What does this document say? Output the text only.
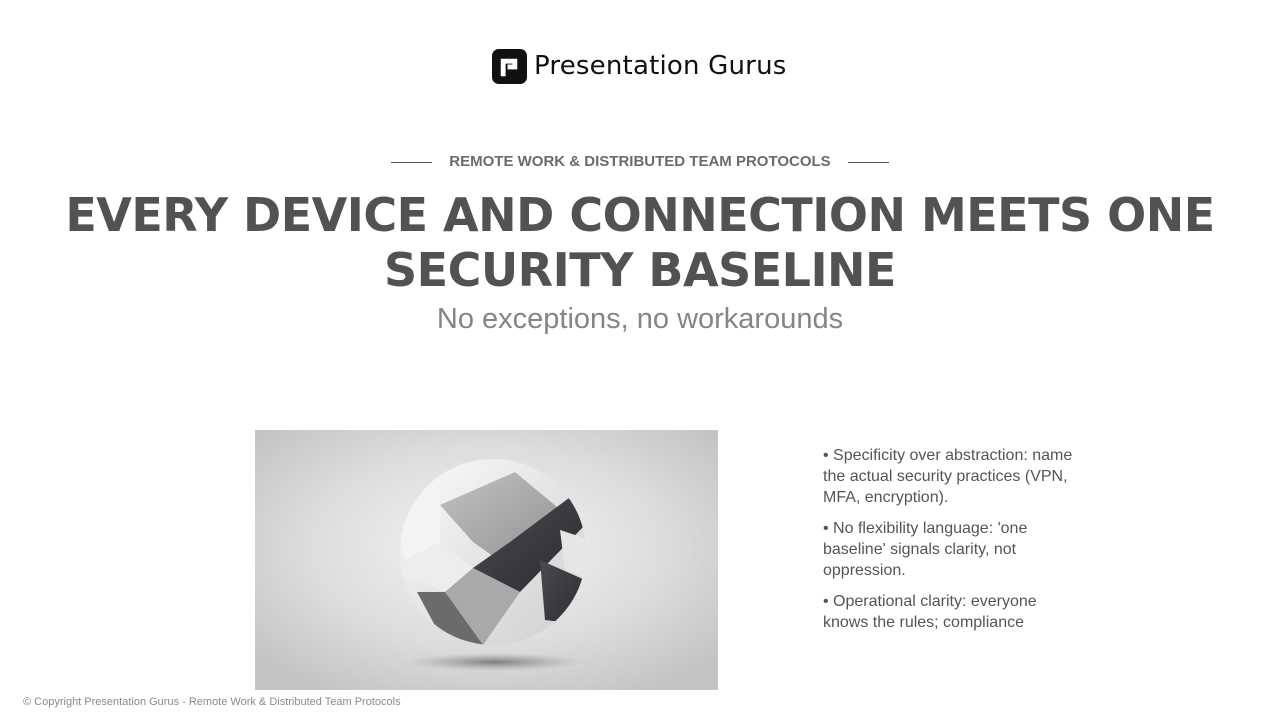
Presentation Gurus
REMOTE WORK & DISTRIBUTED TEAM PROTOCOLS
EVERY DEVICE AND CONNECTION MEETS ONE SECURITY BASELINE
No exceptions, no workarounds
• Specificity over abstraction: name the actual security practices (VPN, MFA, encryption).
• No flexibility language: 'one baseline' signals clarity, not oppression.
• Operational clarity: everyone knows the rules; compliance
© Copyright Presentation Gurus - Remote Work & Distributed Team Protocols
